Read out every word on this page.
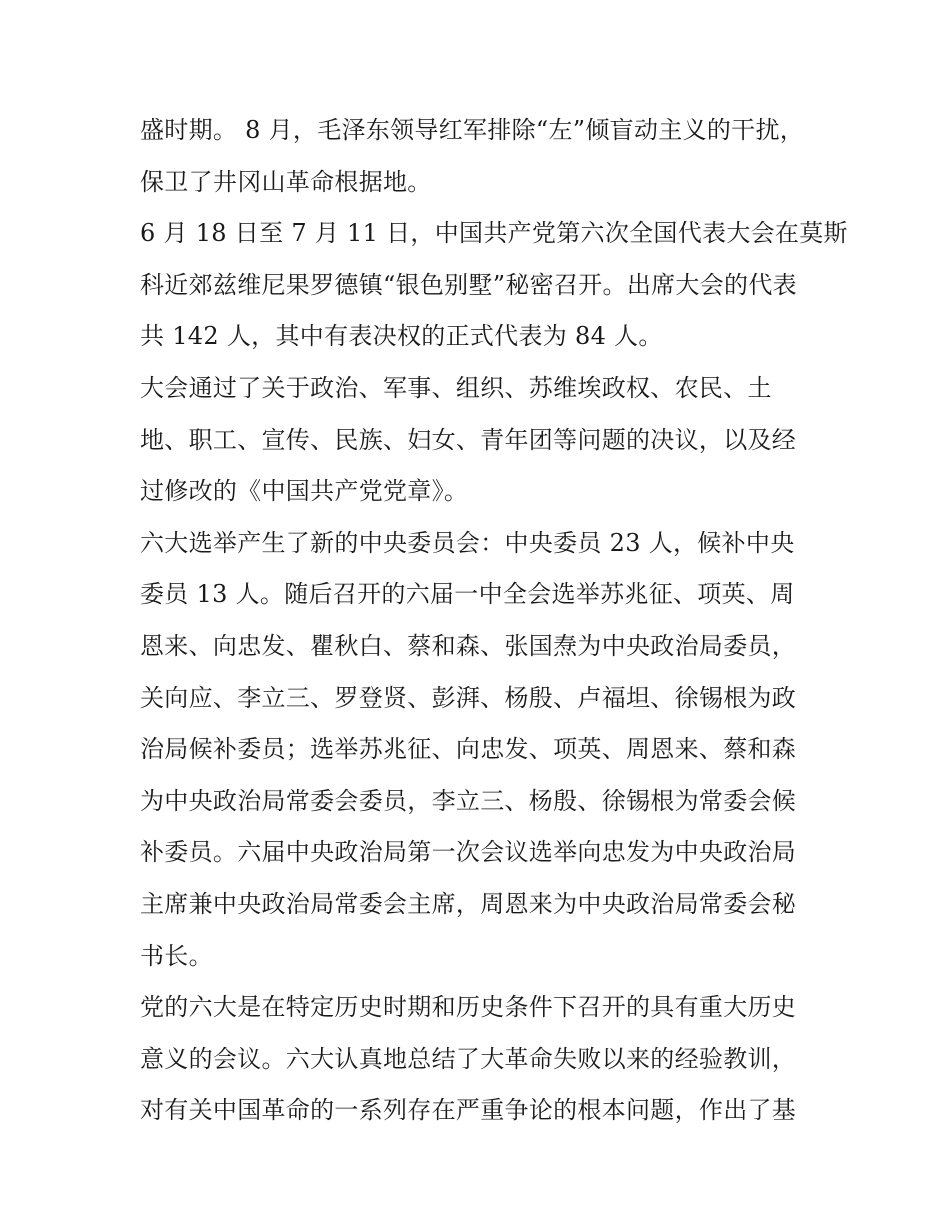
盛时期。 8 月，毛泽东领导红军排除“左”倾盲动主义的干扰，
保卫了井冈山革命根据地。
6 月 18 日至 7 月 11 日，中国共产党第六次全国代表大会在莫斯
科近郊兹维尼果罗德镇“银色别墅”秘密召开。出席大会的代表
共 142 人，其中有表决权的正式代表为 84 人。
大会通过了关于政治、军事、组织、苏维埃政权、农民、土
地、职工、宣传、民族、妇女、青年团等问题的决议，以及经
过修改的《中国共产党党章》。
六大选举产生了新的中央委员会：中央委员 23 人，候补中央
委员 13 人。随后召开的六届一中全会选举苏兆征、项英、周
恩来、向忠发、瞿秋白、蔡和森、张国焘为中央政治局委员，
关向应、李立三、罗登贤、彭湃、杨殷、卢福坦、徐锡根为政
治局候补委员；选举苏兆征、向忠发、项英、周恩来、蔡和森
为中央政治局常委会委员，李立三、杨殷、徐锡根为常委会候
补委员。六届中央政治局第一次会议选举向忠发为中央政治局
主席兼中央政治局常委会主席，周恩来为中央政治局常委会秘
书长。
党的六大是在特定历史时期和历史条件下召开的具有重大历史
意义的会议。六大认真地总结了大革命失败以来的经验教训，
对有关中国革命的一系列存在严重争论的根本问题，作出了基
